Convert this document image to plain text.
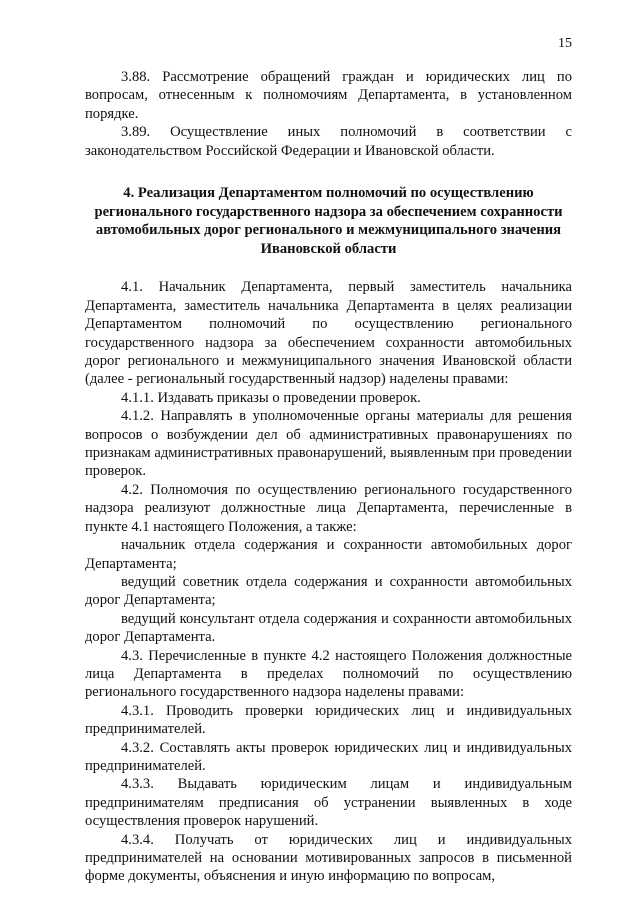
15

3.88. Рассмотрение обращений граждан и юридических лиц по вопросам, отнесенным к полномочиям Департамента, в установленном порядке.

3.89. Осуществление иных полномочий в соответствии с законодательством Российской Федерации и Ивановской области.

4. Реализация Департаментом полномочий по осуществлению регионального государственного надзора за обеспечением сохранности автомобильных дорог регионального и межмуниципального значения Ивановской области

4.1. Начальник Департамента, первый заместитель начальника Департамента, заместитель начальника Департамента в целях реализации Департаментом полномочий по осуществлению регионального государственного надзора за обеспечением сохранности автомобильных дорог регионального и межмуниципального значения Ивановской области (далее - региональный государственный надзор) наделены правами:

4.1.1. Издавать приказы о проведении проверок.

4.1.2. Направлять в уполномоченные органы материалы для решения вопросов о возбуждении дел об административных правонарушениях по признакам административных правонарушений, выявленным при проведении проверок.

4.2. Полномочия по осуществлению регионального государственного надзора реализуют должностные лица Департамента, перечисленные в пункте 4.1 настоящего Положения, а также:

начальник отдела содержания и сохранности автомобильных дорог Департамента;

ведущий советник отдела содержания и сохранности автомобильных дорог Департамента;

ведущий консультант отдела содержания и сохранности автомобильных дорог Департамента.

4.3. Перечисленные в пункте 4.2 настоящего Положения должностные лица Департамента в пределах полномочий по осуществлению регионального государственного надзора наделены правами:

4.3.1. Проводить проверки юридических лиц и индивидуальных предпринимателей.

4.3.2. Составлять акты проверок юридических лиц и индивидуальных предпринимателей.

4.3.3. Выдавать юридическим лицам и индивидуальным предпринимателям предписания об устранении выявленных в ходе осуществления проверок нарушений.

4.3.4. Получать от юридических лиц и индивидуальных предпринимателей на основании мотивированных запросов в письменной форме документы, объяснения и иную информацию по вопросам,
